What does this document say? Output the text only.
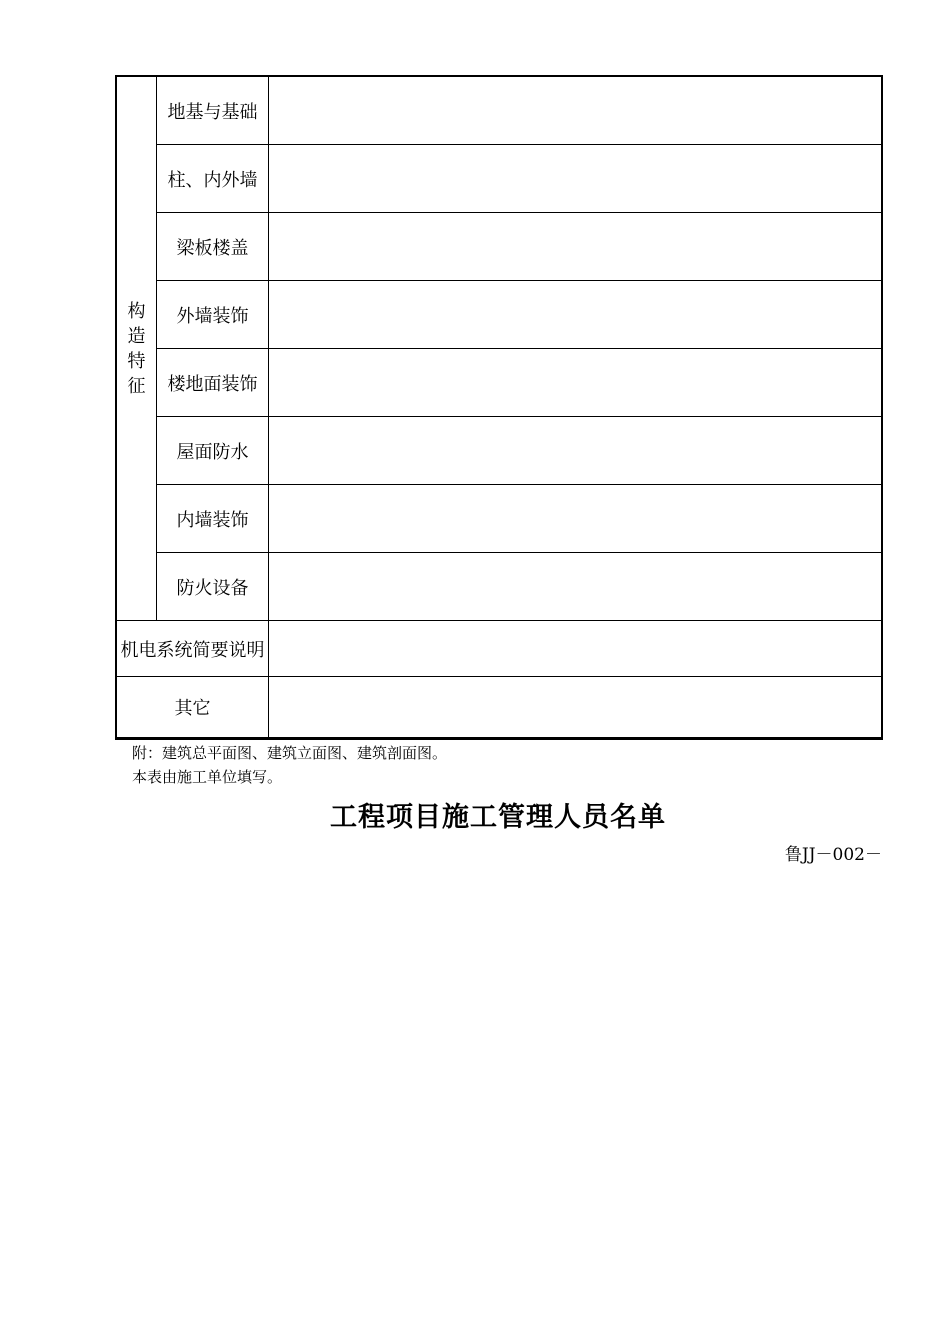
构
造
特
征	地基与基础	
	柱、内外墙	
	梁板楼盖	
	外墙装饰	
	楼地面装饰	
	屋面防水	
	内墙装饰	
	防火设备	
机电系统简要说明		
其它		
附：建筑总平面图、建筑立面图、建筑剖面图。
本表由施工单位填写。
工程项目施工管理人员名单
鲁JJ－002－
